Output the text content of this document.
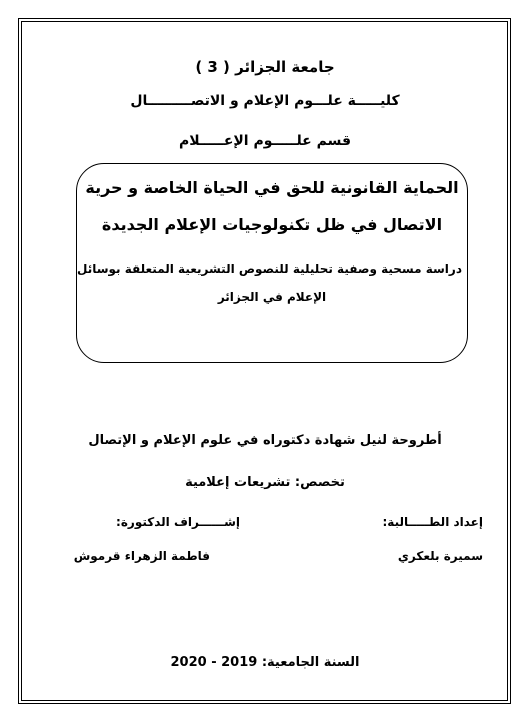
جامعة الجزائر ( 3 )
كليـــــة علـــوم الإعلام و الاتصـــــــــال
قسم علـــــوم الإعـــــلام
الحماية القانونية للحق في الحياة الخاصة و حرية
الاتصال في ظل تكنولوجيات الإعلام الجديدة
دراسة مسحية وصفية تحليلية للنصوص التشريعية المتعلقة بوسائل
الإعلام في الجزائر
أطروحة لنيل شهادة دكتوراه في علوم الإعلام و الإتصال
تخصص: تشريعات إعلامية
إعداد الطـــــالبة:
إشــــــراف الدكتورة:
سميرة بلعكري
فاطمة الزهراء قرموش
السنة الجامعية: 2019 - 2020
